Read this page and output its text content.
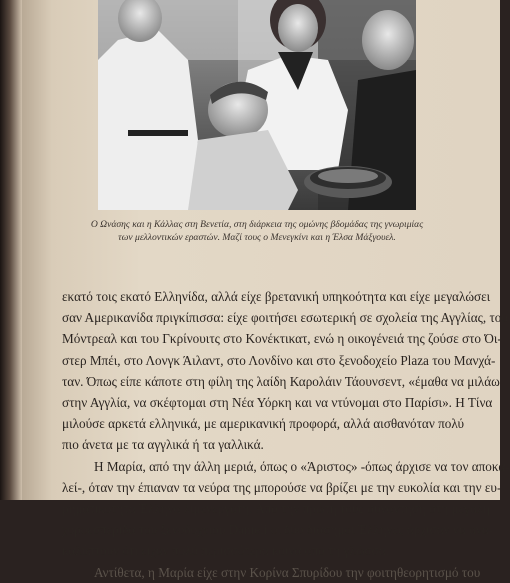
Ο Ωνάσης και η Κάλλας στη Βενετία, στη διάρκεια της ομώνης βδομάδας της γνωριμίας
των μελλοντικών εραστών. Μαζί τους ο Μενεγκίνι και η Έλσα Μάξγουελ.
εκατό τοις εκατό Ελληνίδα, αλλά είχε βρετανική υπηκοότητα και είχε μεγαλώσει
σαν Αμερικανίδα πριγκίπισσα: είχε φοιτήσει εσωτερική σε σχολεία της Αγγλίας, του
Μόντρεαλ και του Γκρίνουιτς στο Κονέκτικατ, ενώ η οικογένειά της ζούσε στο Όι-
στερ Μπέι, στο Λονγκ Άιλαντ, στο Λονδίνο και στο ξενοδοχείο Plaza του Μανχά-
ταν. Όπως είπε κάποτε στη φίλη της λαίδη Καρολάιν Τάουνσεντ, «έμαθα να μιλάω
στην Αγγλία, να σκέφτομαι στη Νέα Υόρκη και να ντύνομαι στο Παρίσι». Η Τίνα
μιλούσε αρκετά ελληνικά, με αμερικανική προφορά, αλλά αισθανόταν πολύ
πιο άνετα με τα αγγλικά ή τα γαλλικά.
Η Μαρία, από την άλλη μεριά, όπως ο «Άριστος» -όπως άρχισε να τον αποκα-
λεί-, όταν την έπιαναν τα νεύρα της μπορούσε να βρίζει με την ευκολία και την ευ-
ρηματικότητα Έλληνα λιμενεργάτη. Από την πρώτη τους συνάντηση στη μεγάλη
χοροεσπερίδα του ξενοδοχείου Danieli οι δύο διάσημοι Έλληνες άρχισαν να ανα-
καλύπτουν ότι είχαν πολύ περισσότερα κοινά από τη γλώσσα.
Αντίθετα, η Μαρία είχε στην Κορίνα Σπυρίδου την φοιτηθεορητισμό του
